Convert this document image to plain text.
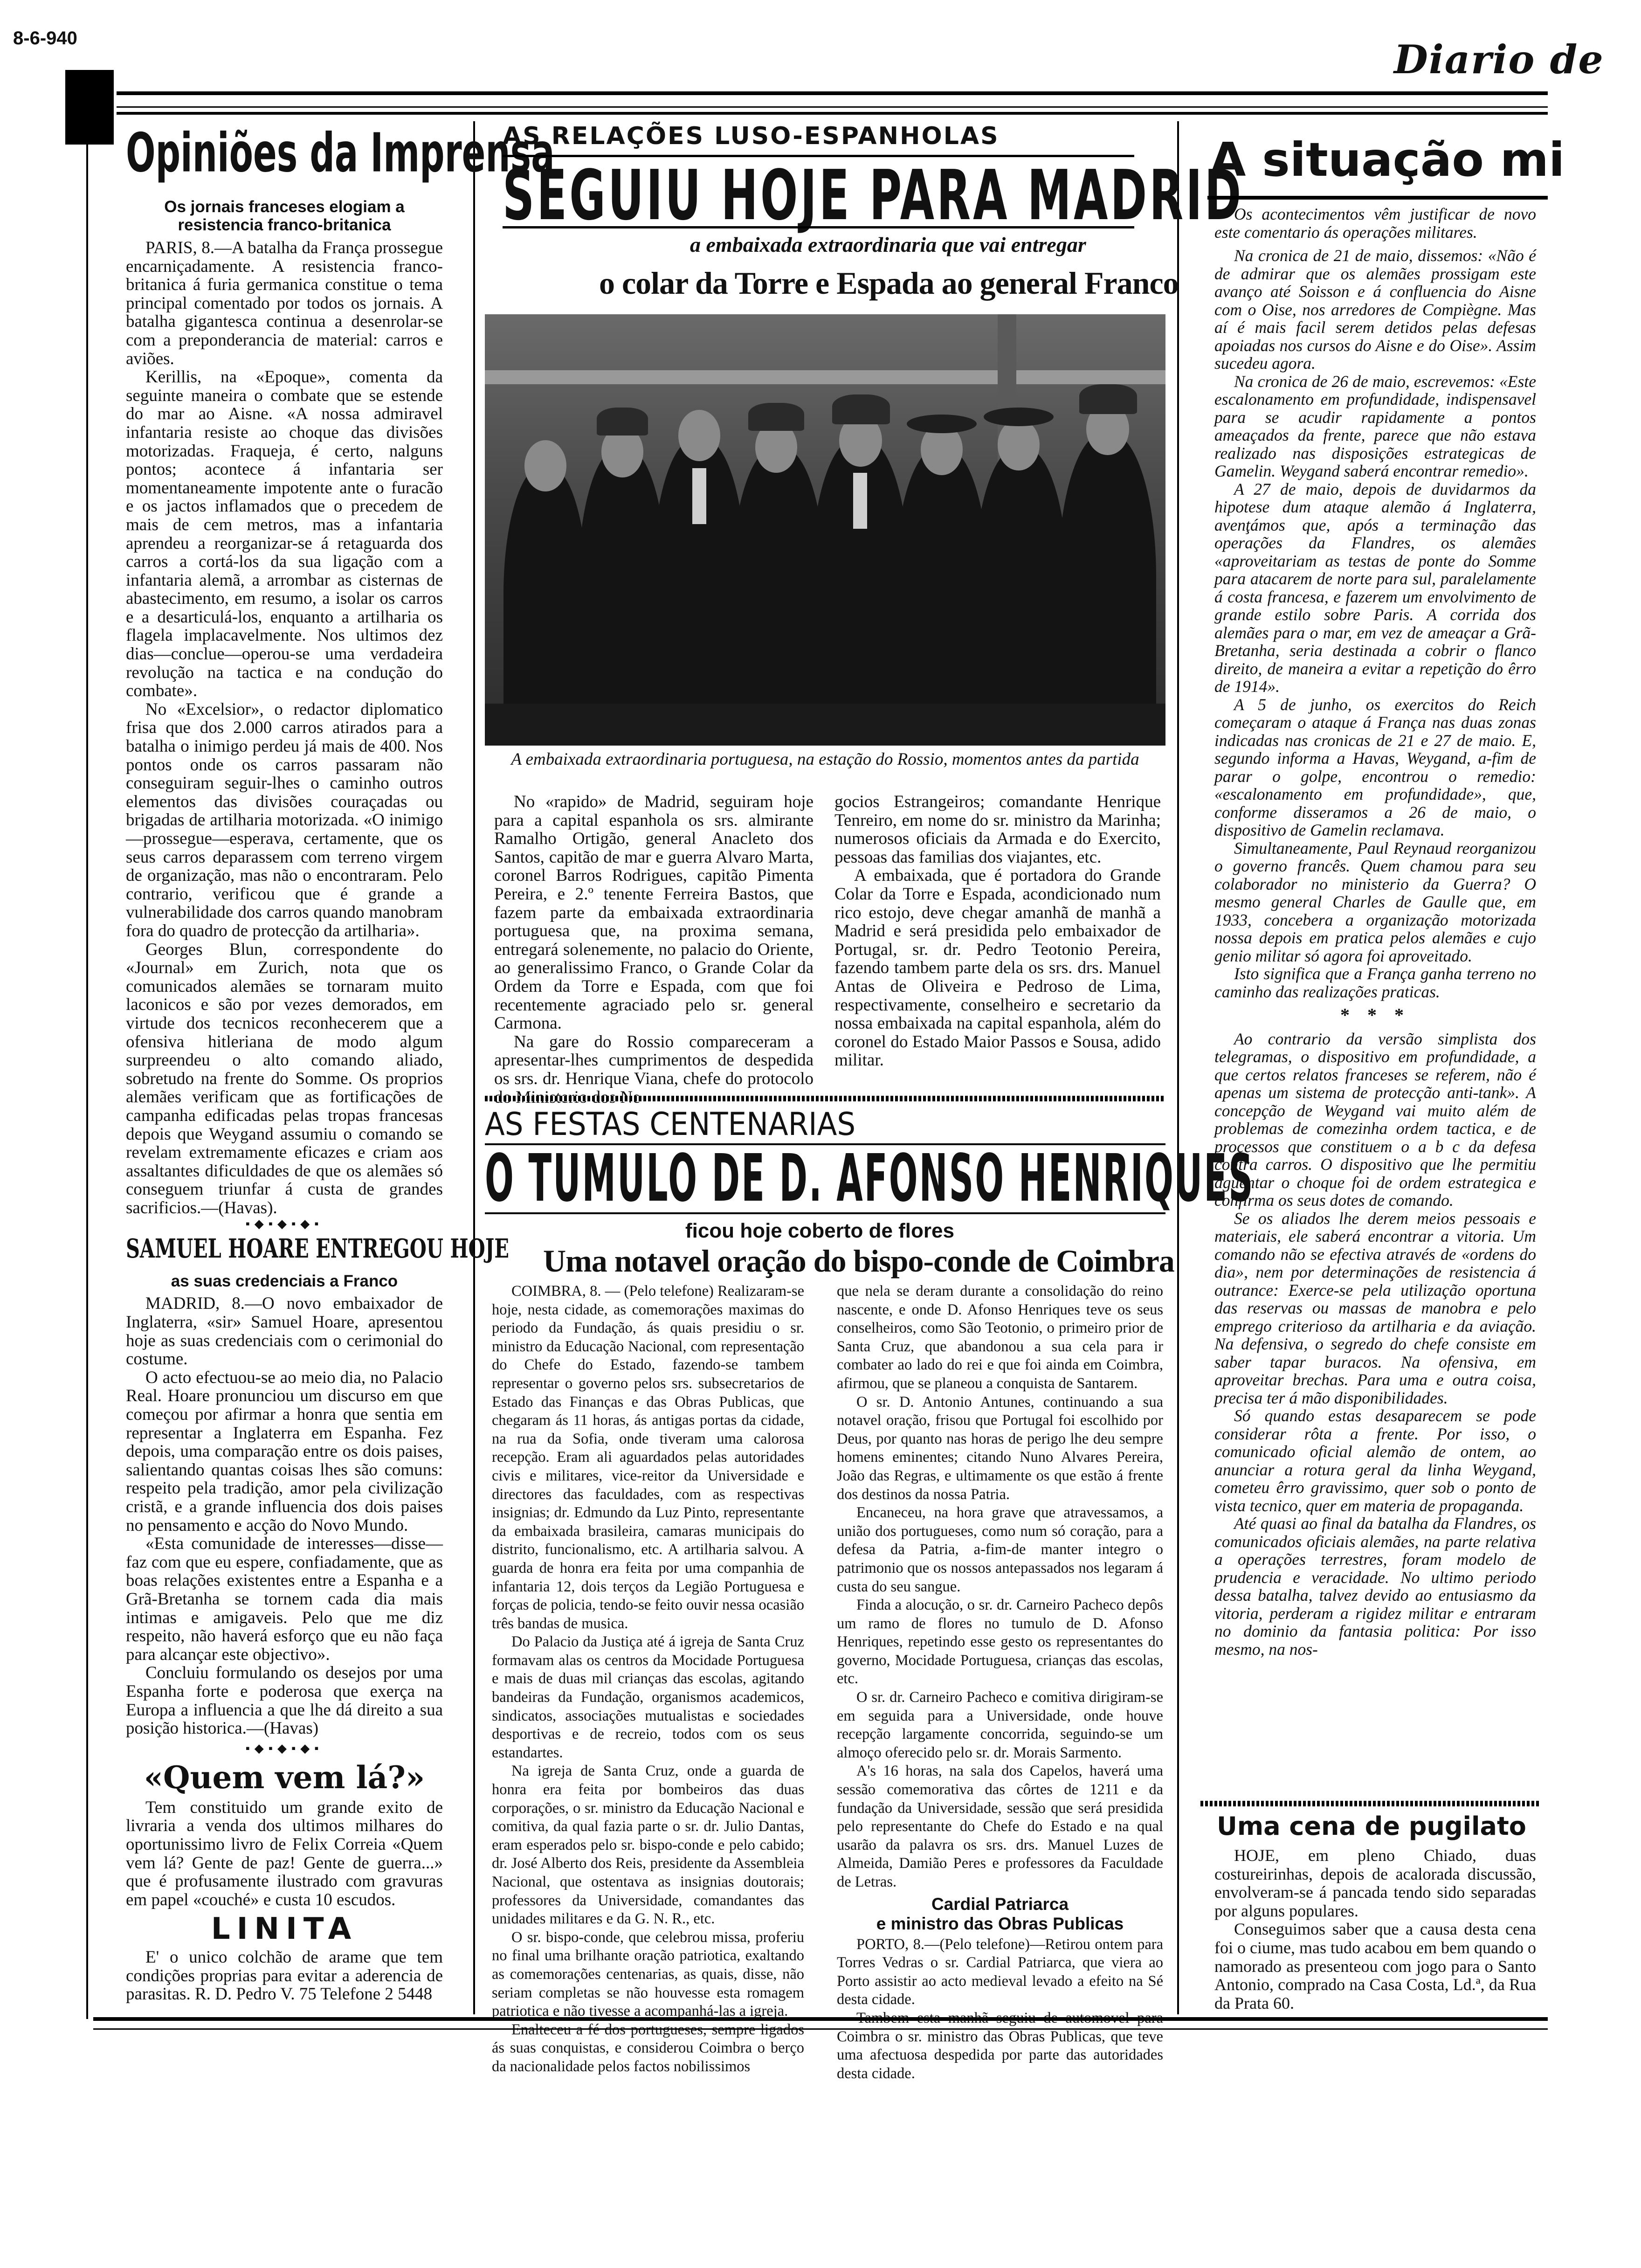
8-6-940	Diario de
Opiniões da Imprensa
Os jornais franceses elogiam a resistencia franco-britanica

PARIS, 8.—A batalha da França prossegue encarniçadamente. A resistencia franco-britanica á furia germanica constitue o tema principal comentado por todos os jornais. A batalha gigantesca continua a desenrolar-se com a preponderancia de material: carros e aviões.

Kerillis, na «Epoque», comenta da seguinte maneira o combate que se estende do mar ao Aisne. «A nossa admiravel infantaria resiste ao choque das divisões motorizadas. Fraqueja, é certo, nalguns pontos; acontece á infantaria ser momentaneamente impotente ante o furacão e os jactos inflamados que o precedem de mais de cem metros, mas a infantaria aprendeu a reorganizar-se á retaguarda dos carros a cortá-los da sua ligação com a infantaria alemã, a arrombar as cisternas de abastecimento, em resumo, a isolar os carros e a desarticulá-los, enquanto a artilharia os flagela implacavelmente. Nos ultimos dez dias—conclue—operou-se uma verdadeira revolução na tactica e na condução do combate».

No «Excelsior», o redactor diplomatico frisa que dos 2.000 carros atirados para a batalha o inimigo perdeu já mais de 400. Nos pontos onde os carros passaram não conseguiram seguir-lhes o caminho outros elementos das divisões couraçadas ou brigadas de artilharia motorizada. «O inimigo—prossegue—esperava, certamente, que os seus carros deparassem com terreno virgem de organização, mas não o encontraram. Pelo contrario, verificou que é grande a vulnerabilidade dos carros quando manobram fora do quadro de protecção da artilharia».

Georges Blun, correspondente do «Journal» em Zurich, nota que os comunicados alemães se tornaram muito laconicos e são por vezes demorados, em virtude dos tecnicos reconhecerem que a ofensiva hitleriana de modo algum surpreendeu o alto comando aliado, sobretudo na frente do Somme. Os proprios alemães verificam que as fortificações de campanha edificadas pelas tropas francesas depois que Weygand assumiu o comando se revelam extremamente eficazes e criam aos assaltantes dificuldades de que os alemães só conseguem triunfar á custa de grandes sacrificios.—(Havas).

▪◆▪◆▪◆▪
SAMUEL HOARE ENTREGOU HOJE
as suas credenciais a Franco

MADRID, 8.—O novo embaixador de Inglaterra, «sir» Samuel Hoare, apresentou hoje as suas credenciais com o cerimonial do costume.

O acto efectuou-se ao meio dia, no Palacio Real. Hoare pronunciou um discurso em que começou por afirmar a honra que sentia em representar a Inglaterra em Espanha. Fez depois, uma comparação entre os dois paises, salientando quantas coisas lhes são comuns: respeito pela tradição, amor pela civilização cristã, e a grande influencia dos dois paises no pensamento e acção do Novo Mundo.

«Esta comunidade de interesses—disse—faz com que eu espere, confiadamente, que as boas relações existentes entre a Espanha e a Grã-Bretanha se tornem cada dia mais intimas e amigaveis. Pelo que me diz respeito, não haverá esforço que eu não faça para alcançar este objectivo».

Concluiu formulando os desejos por uma Espanha forte e poderosa que exerça na Europa a influencia a que lhe dá direito a sua posição historica.—(Havas)

▪◆▪◆▪◆▪
«Quem vem lá?»

Tem constituido um grande exito de livraria a venda dos ultimos milhares do oportunissimo livro de Felix Correia «Quem vem lá? Gente de paz! Gente de guerra...» que é profusamente ilustrado com gravuras em papel «couché» e custa 10 escudos.

LINITA

E' o unico colchão de arame que tem condições proprias para evitar a aderencia de parasitas. R. D. Pedro V. 75 Telefone 2 5448

AS RELAÇÕES LUSO-ESPANHOLAS
SEGUIU HOJE PARA MADRID
a embaixada extraordinaria que vai entregar
o colar da Torre e Espada ao general Franco
A embaixada extraordinaria portuguesa, na estação do Rossio, momentos antes da partida

No «rapido» de Madrid, seguiram hoje para a capital espanhola os srs. almirante Ramalho Ortigão, general Anacleto dos Santos, capitão de mar e guerra Alvaro Marta, coronel Barros Rodrigues, capitão Pimenta Pereira, e 2.º tenente Ferreira Bastos, que fazem parte da embaixada extraordinaria portuguesa que, na proxima semana, entregará solenemente, no palacio do Oriente, ao generalissimo Franco, o Grande Colar da Ordem da Torre e Espada, com que foi recentemente agraciado pelo sr. general Carmona.

Na gare do Rossio compareceram a apresentar-lhes cumprimentos de despedida os srs. dr. Henrique Viana, chefe do protocolo

gocios Estrangeiros; comandante Henrique Tenreiro, em nome do sr. ministro da Marinha; numerosos oficiais da Armada e do Exercito, pessoas das familias dos viajantes, etc.

A embaixada, que é portadora do Grande Colar da Torre e Espada, acondicionado num rico estojo, deve chegar amanhã de manhã a Madrid e será presidida pelo embaixador de Portugal, sr. dr. Pedro Teotonio Pereira, fazendo tambem parte dela os srs. drs. Manuel Antas de Oliveira e Pedroso de Lima, respectivamente, conselheiro e secretario da nossa embaixada na capital espanhola, além do coronel do Estado Maior Passos e Sousa, adido militar.

AS FESTAS CENTENARIAS
O TUMULO DE D. AFONSO HENRIQUES
ficou hoje coberto de flores
Uma notavel oração do bispo-conde de Coimbra

COIMBRA, 8. — (Pelo telefone) Realizaram-se hoje, nesta cidade, as comemorações maximas do periodo da Fundação, ás quais presidiu o sr. ministro da Educação Nacional, com representação do Chefe do Estado, fazendo-se tambem representar o governo pelos srs. subsecretarios de Estado das Finanças e das Obras Publicas, que chegaram ás 11 horas, ás antigas portas da cidade, na rua da Sofia, onde tiveram uma calorosa recepção. Eram ali aguardados pelas autoridades civis e militares, vice-reitor da Universidade e directores das faculdades, com as respectivas insignias; dr. Edmundo da Luz Pinto, representante da embaixada brasileira, camaras municipais do distrito, funcionalismo, etc. A artilharia salvou. A guarda de honra era feita por uma companhia de infantaria 12, dois terços da Legião Portuguesa e forças de policia, tendo-se feito ouvir nessa ocasião três bandas de musica.

Do Palacio da Justiça até á igreja de Santa Cruz formavam alas os centros da Mocidade Portuguesa e mais de duas mil crianças das escolas, agitando bandeiras da Fundação, organismos academicos, sindicatos, associações mutualistas e sociedades desportivas e de recreio, todos com os seus estandartes.

Na igreja de Santa Cruz, onde a guarda de honra era feita por bombeiros das duas corporações, o sr. ministro da Educação Nacional e comitiva, da qual fazia parte o sr. dr. Julio Dantas, eram esperados pelo sr. bispo-conde e pelo cabido; dr. José Alberto dos Reis, presidente da Assembleia Nacional, que ostentava as insignias doutorais; professores da Universidade, comandantes das unidades militares e da G. N. R., etc.

O sr. bispo-conde, que celebrou missa, proferiu no final uma brilhante oração patriotica, exaltando as comemorações centenarias, as quais, disse, não seriam completas se não houvesse esta romagem patriotica e não tivesse a acompanhá-las a igreja.

Enalteceu a fé dos portugueses, sempre ligados ás suas conquistas, e considerou Coimbra o berço da nacionalidade pelos factos nobilissimos

que nela se deram durante a consolidação do reino nascente, e onde D. Afonso Henriques teve os seus conselheiros, como São Teotonio, o primeiro prior de Santa Cruz, que abandonou a sua cela para ir combater ao lado do rei e que foi ainda em Coimbra, afirmou, que se planeou a conquista de Santarem.

O sr. D. Antonio Antunes, continuando a sua notavel oração, frisou que Portugal foi escolhido por Deus, por quanto nas horas de perigo lhe deu sempre homens eminentes; citando Nuno Alvares Pereira, João das Regras, e ultimamente os que estão á frente dos destinos da nossa Patria.

Encaneceu, na hora grave que atravessamos, a união dos portugueses, como num só coração, para a defesa da Patria, a-fim-de manter integro o patrimonio que os nossos antepassados nos legaram á custa do seu sangue.

Finda a alocução, o sr. dr. Carneiro Pacheco depôs um ramo de flores no tumulo de D. Afonso Henriques, repetindo esse gesto os representantes do governo, Mocidade Portuguesa, crianças das escolas, etc.

O sr. dr. Carneiro Pacheco e comitiva dirigiram-se em seguida para a Universidade, onde houve recepção largamente concorrida, seguindo-se um almoço oferecido pelo sr. dr. Morais Sarmento.

A's 16 horas, na sala dos Capelos, haverá uma sessão comemorativa das côrtes de 1211 e da fundação da Universidade, sessão que será presidida pelo representante do Chefe do Estado e na qual usarão da palavra os srs. drs. Manuel Luzes de Almeida, Damião Peres e professores da Faculdade de Letras.

Cardial Patriarca
e ministro das Obras Publicas

PORTO, 8.—(Pelo telefone)—Retirou ontem para Torres Vedras o sr. Cardial Patriarca, que viera ao Porto assistir ao acto medieval levado a efeito na Sé desta cidade.

Tambem esta manhã seguiu de automovel para Coimbra o sr. ministro das Obras Publicas, que teve uma afectuosa despedida por parte das autoridades desta cidade.

A situação mi

Os acontecimentos vêm justificar de novo este comentario ás operações militares.

Na cronica de 21 de maio, dissemos: «Não é de admirar que os alemães prossigam este avanço até Soisson e á confluencia do Aisne com o Oise, nos arredores de Compiègne. Mas aí é mais facil serem detidos pelas defesas apoiadas nos cursos do Aisne e do Oise». Assim sucedeu agora.

Na cronica de 26 de maio, escrevemos: «Este escalonamento em profundidade, indispensavel para se acudir rapidamente a pontos ameaçados da frente, parece que não estava realizado nas disposições estrategicas de Gamelin. Weygand saberá encontrar remedio».

A 27 de maio, depois de duvidarmos da hipotese dum ataque alemão á Inglaterra, avenţámos que, após a terminação das operações da Flandres, os alemães «aproveitariam as testas de ponte do Somme para atacarem de norte para sul, paralelamente á costa francesa, e fazerem um envolvimento de grande estilo sobre Paris. A corrida dos alemães para o mar, em vez de ameaçar a Grã-Bretanha, seria destinada a cobrir o flanco direito, de maneira a evitar a repetição do êrro de 1914».

A 5 de junho, os exercitos do Reich começaram o ataque á França nas duas zonas indicadas nas cronicas de 21 e 27 de maio. E, segundo informa a Havas, Weygand, a-fim de parar o golpe, encontrou o remedio: «escalonamento em profundidade», que, conforme disseramos a 26 de maio, o dispositivo de Gamelin reclamava.

Simultaneamente, Paul Reynaud reorganizou o governo francês. Quem chamou para seu colaborador no ministerio da Guerra? O mesmo general Charles de Gaulle que, em 1933, concebera a organização motorizada nossa depois em pratica pelos alemães e cujo genio militar só agora foi aproveitado.

Isto significa que a França ganha terreno no caminho das realizações praticas.

* * *

Ao contrario da versão simplista dos telegramas, o dispositivo em profundidade, a que certos relatos franceses se referem, não é apenas um sistema de protecção anti-tank». A concepção de Weygand vai muito além de problemas de comezinha ordem tactica, e de processos que constituem o a b c da defesa contra carros. O dispositivo que lhe permitiu aguentar o choque foi de ordem estrategica e confirma os seus dotes de comando.

Se os aliados lhe derem meios pessoais e materiais, ele saberá encontrar a vitoria. Um comando não se efectiva através de «ordens do dia», nem por determinações de resistencia á outrance: Exerce-se pela utilização oportuna das reservas ou massas de manobra e pelo emprego criterioso da artilharia e da aviação. Na defensiva, o segredo do chefe consiste em saber tapar buracos. Na ofensiva, em aproveitar brechas. Para uma e outra coisa, precisa ter á mão disponibilidades.

Só quando estas desaparecem se pode considerar rôta a frente. Por isso, o comunicado oficial alemão de ontem, ao anunciar a rotura geral da linha Weygand, cometeu êrro gravissimo, quer sob o ponto de vista tecnico, quer em materia de propaganda.

Até quasi ao final da batalha da Flandres, os comunicados oficiais alemães, na parte relativa a operações terrestres, foram modelo de prudencia e veracidade. No ultimo periodo dessa batalha, talvez devido ao entusiasmo da vitoria, perderam a rigidez militar e entraram no dominio da fantasia politica: Por isso mesmo, na nos-

Uma cena de pugilato

HOJE, em pleno Chiado, duas costureirinhas, depois de acalorada discussão, envolveram-se á pancada tendo sido separadas por alguns populares.

Conseguimos saber que a causa desta cena foi o ciume, mas tudo acabou em bem quando o namorado as presenteou com jogo para o Santo Antonio, comprado na Casa Costa, Ld.ª, da Rua da Prata 60.
